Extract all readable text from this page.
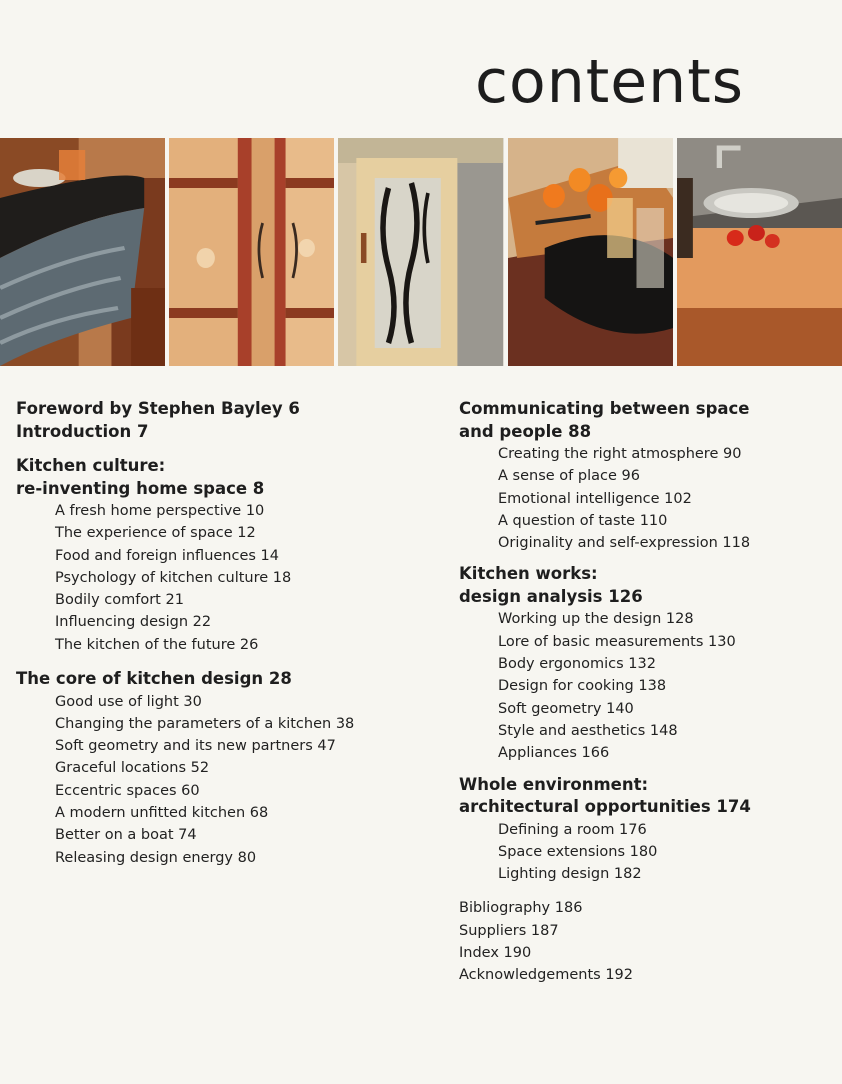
contents

Foreword by Stephen Bayley 6

Introduction 7

Kitchen culture:

re-inventing home space 8

A fresh home perspective 10
The experience of space 12
Food and foreign influences 14
Psychology of kitchen culture 18
Bodily comfort 21
Influencing design 22
The kitchen of the future 26

The core of kitchen design 28

Good use of light 30
Changing the parameters of a kitchen 38
Soft geometry and its new partners 47
Graceful locations 52
Eccentric spaces 60
A modern unfitted kitchen 68
Better on a boat 74
Releasing design energy 80

Communicating between space

and people 88

Creating the right atmosphere 90
A sense of place 96
Emotional intelligence 102
A question of taste 110
Originality and self-expression 118

Kitchen works:

design analysis 126

Working up the design 128
Lore of basic measurements 130
Body ergonomics 132
Design for cooking 138
Soft geometry 140
Style and aesthetics 148
Appliances 166

Whole environment:

architectural opportunities 174

Defining a room 176
Space extensions 180
Lighting design 182
Bibliography 186
Suppliers 187
Index 190
Acknowledgements 192
